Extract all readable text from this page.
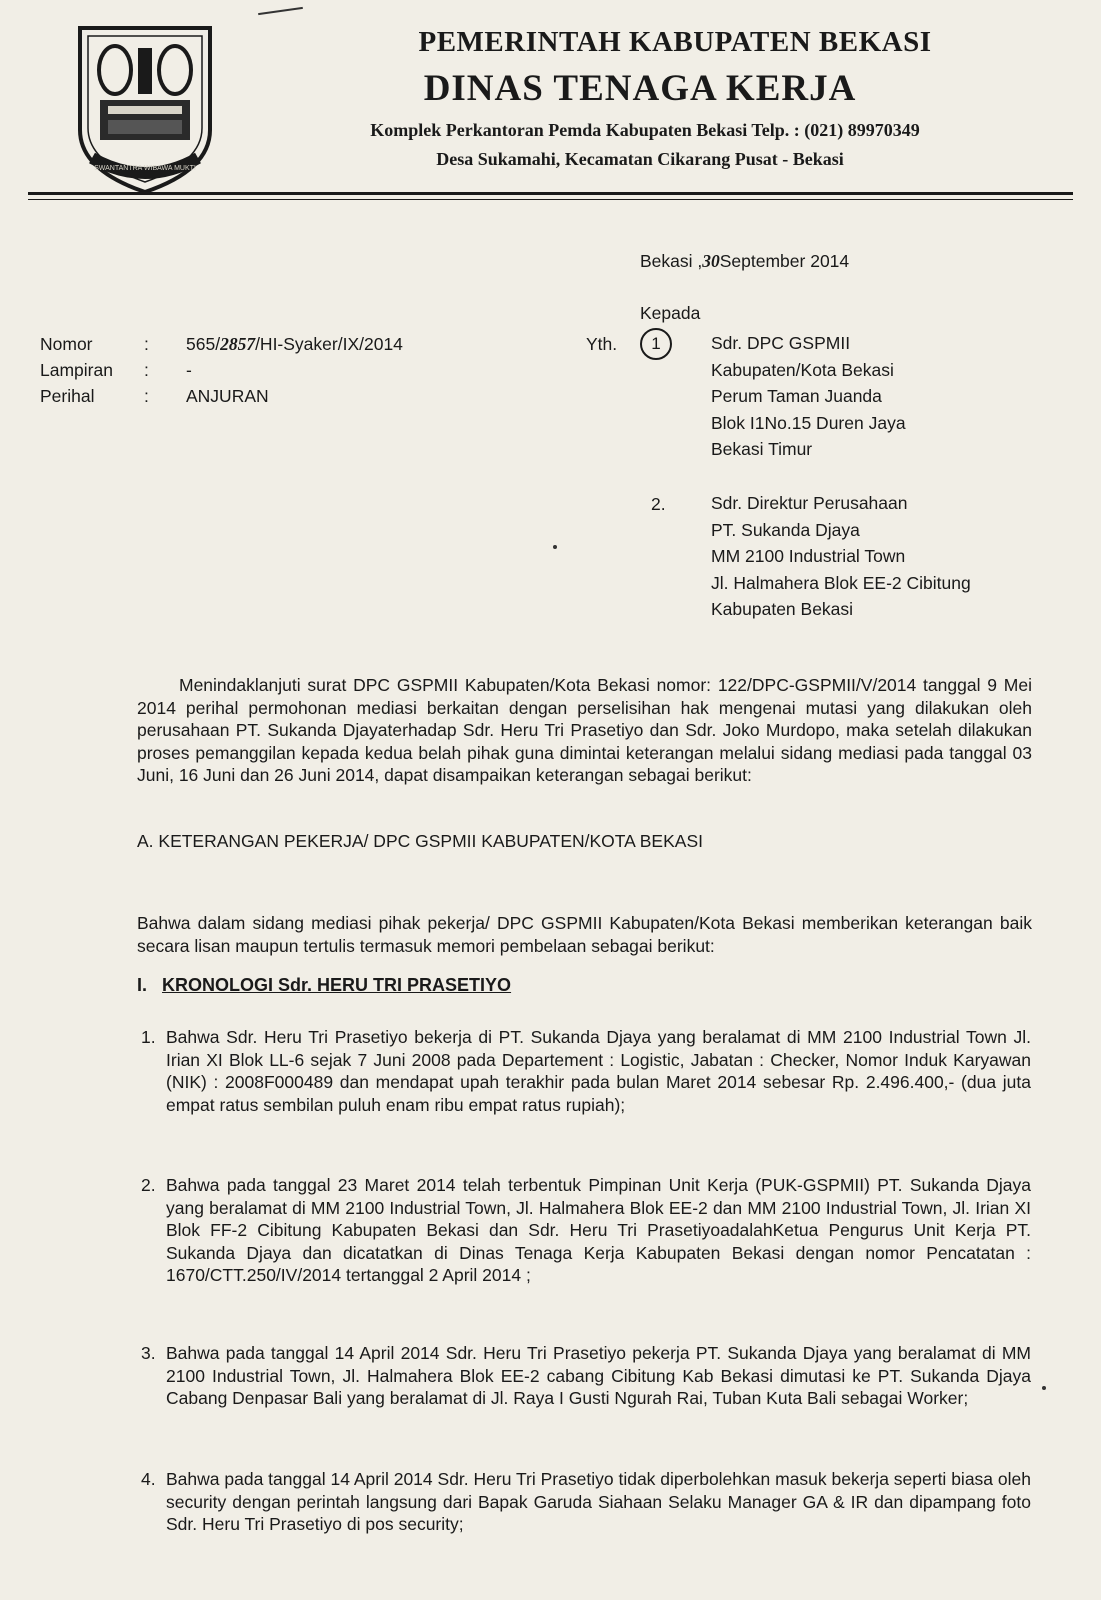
SWANTANTRA WIBAWA MUKTI
PEMERINTAH KABUPATEN BEKASI
DINAS TENAGA KERJA
Komplek Perkantoran Pemda Kabupaten Bekasi Telp. : (021) 89970349
Desa Sukamahi, Kecamatan Cikarang Pusat - Bekasi
Bekasi ,30September 2014
Kepada
Nomor	: 565/2857/HI-Syaker/IX/2014
Lampiran : -
Perihal	: ANJURAN
Yth.	1	Sdr. DPC GSPMII
Kabupaten/Kota Bekasi
Perum Taman Juanda
Blok I1No.15 Duren Jaya
Bekasi Timur
2.	Sdr. Direktur Perusahaan
PT. Sukanda Djaya
MM 2100 Industrial Town
Jl. Halmahera Blok EE-2 Cibitung
Kabupaten Bekasi
Menindaklanjuti surat DPC GSPMII Kabupaten/Kota Bekasi nomor: 122/DPC-GSPMII/V/2014 tanggal 9 Mei 2014 perihal permohonan mediasi berkaitan dengan perselisihan hak mengenai mutasi yang dilakukan oleh perusahaan PT. Sukanda Djayaterhadap Sdr. Heru Tri Prasetiyo dan Sdr. Joko Murdopo, maka setelah dilakukan proses pemanggilan kepada kedua belah pihak guna dimintai keterangan melalui sidang mediasi pada tanggal 03 Juni, 16 Juni dan 26 Juni 2014, dapat disampaikan keterangan sebagai berikut:
A. KETERANGAN PEKERJA/ DPC GSPMII KABUPATEN/KOTA BEKASI
Bahwa dalam sidang mediasi pihak pekerja/ DPC GSPMII Kabupaten/Kota Bekasi memberikan keterangan baik secara lisan maupun tertulis termasuk memori pembelaan sebagai berikut:
I. KRONOLOGI Sdr. HERU TRI PRASETIYO
1. Bahwa Sdr. Heru Tri Prasetiyo bekerja di PT. Sukanda Djaya yang beralamat di MM 2100 Industrial Town Jl. Irian XI Blok LL-6 sejak 7 Juni 2008 pada Departement : Logistic, Jabatan : Checker, Nomor Induk Karyawan (NIK) : 2008F000489 dan mendapat upah terakhir pada bulan Maret 2014 sebesar Rp. 2.496.400,- (dua juta empat ratus sembilan puluh enam ribu empat ratus rupiah);
2. Bahwa pada tanggal 23 Maret 2014 telah terbentuk Pimpinan Unit Kerja (PUK-GSPMII) PT. Sukanda Djaya yang beralamat di MM 2100 Industrial Town, Jl. Halmahera Blok EE-2 dan MM 2100 Industrial Town, Jl. Irian XI Blok FF-2 Cibitung Kabupaten Bekasi dan Sdr. Heru Tri PrasetiyoadalahKetua Pengurus Unit Kerja PT. Sukanda Djaya dan dicatatkan di Dinas Tenaga Kerja Kabupaten Bekasi dengan nomor Pencatatan : 1670/CTT.250/IV/2014 tertanggal 2 April 2014 ;
3. Bahwa pada tanggal 14 April 2014 Sdr. Heru Tri Prasetiyo pekerja PT. Sukanda Djaya yang beralamat di MM 2100 Industrial Town, Jl. Halmahera Blok EE-2 cabang Cibitung Kab Bekasi dimutasi ke PT. Sukanda Djaya Cabang Denpasar Bali yang beralamat di Jl. Raya I Gusti Ngurah Rai, Tuban Kuta Bali sebagai Worker;
4. Bahwa pada tanggal 14 April 2014 Sdr. Heru Tri Prasetiyo tidak diperbolehkan masuk bekerja seperti biasa oleh security dengan perintah langsung dari Bapak Garuda Siahaan Selaku Manager GA & IR dan dipampang foto Sdr. Heru Tri Prasetiyo di pos security;
